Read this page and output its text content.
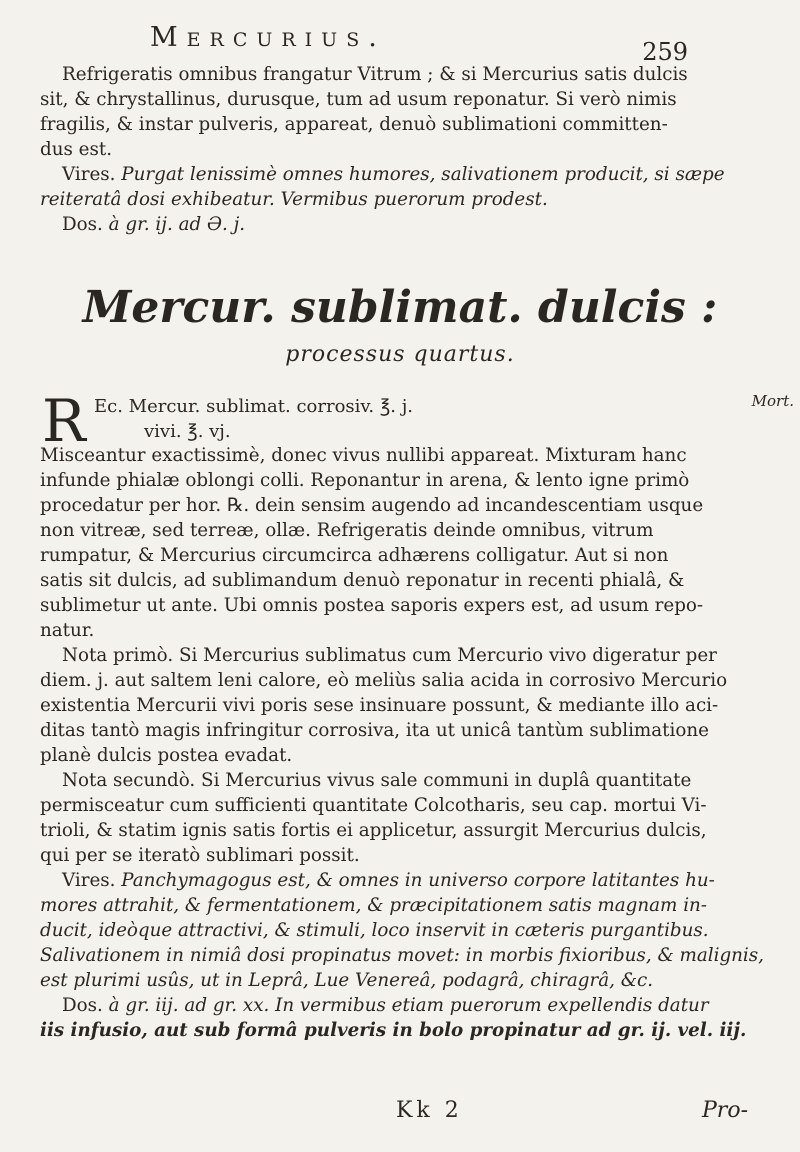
Mercurius.	259
Refrigeratis omnibus frangatur Vitrum ; & si Mercurius satis dulcis
sit, & chrystallinus, durusque, tum ad usum reponatur. Si verò nimis
fragilis, & instar pulveris, appareat, denuò sublimationi committen-
dus est.
Vires. Purgat lenissimè omnes humores, salivationem producit, si sæpe
reiteratâ dosi exhibeatur. Vermibus puerorum prodest.
Dos. à gr. ij. ad Ə. j.
Mercur. sublimat. dulcis :
processus quartus.
R Ec. Mercur. sublimat. corrosiv. ℥. j.
vivi. ℥. vj.
Mort.
Misceantur exactissimè, donec vivus nullibi appareat. Mixturam hanc
infunde phialæ oblongi colli. Reponantur in arena, & lento igne primò
procedatur per hor. ℞. dein sensim augendo ad incandescentiam usque
non vitreæ, sed terreæ, ollæ. Refrigeratis deinde omnibus, vitrum
rumpatur, & Mercurius circumcirca adhærens colligatur. Aut si non
satis sit dulcis, ad sublimandum denuò reponatur in recenti phialâ, &
sublimetur ut ante. Ubi omnis postea saporis expers est, ad usum repo-
natur.
Nota primò. Si Mercurius sublimatus cum Mercurio vivo digeratur per
diem. j. aut saltem leni calore, eò meliùs salia acida in corrosivo Mercurio
existentia Mercurii vivi poris sese insinuare possunt, & mediante illo aci-
ditas tantò magis infringitur corrosiva, ita ut unicâ tantùm sublimatione
planè dulcis postea evadat.
Nota secundò. Si Mercurius vivus sale communi in duplâ quantitate
permisceatur cum sufficienti quantitate Colcotharis, seu cap. mortui Vi-
trioli, & statim ignis satis fortis ei applicetur, assurgit Mercurius dulcis,
qui per se iteratò sublimari possit.
Vires. Panchymagogus est, & omnes in universo corpore latitantes hu-
mores attrahit, & fermentationem, & præcipitationem satis magnam in-
ducit, ideòque attractivi, & stimuli, loco inservit in cæteris purgantibus.
Salivationem in nimiâ dosi propinatus movet: in morbis fixioribus, & malignis,
est plurimi usûs, ut in Leprâ, Lue Venereâ, podagrâ, chiragrâ, &c.
Dos. à gr. iij. ad gr. xx. In vermibus etiam puerorum expellendis datur
iis infusio, aut sub formâ pulveris in bolo propinatur ad gr. ij. vel. iij.
Kk 2	Pro-
